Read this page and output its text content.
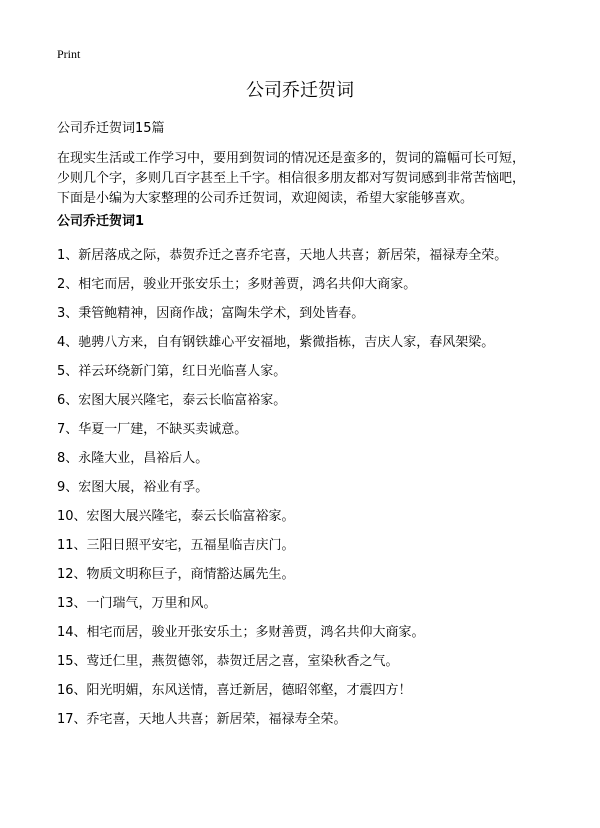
Print
公司乔迁贺词

公司乔迁贺词15篇

在现实生活或工作学习中，要用到贺词的情况还是蛮多的，贺词的篇幅可长可短，
少则几个字，多则几百字甚至上千字。相信很多朋友都对写贺词感到非常苦恼吧，
下面是小编为大家整理的公司乔迁贺词，欢迎阅读，希望大家能够喜欢。

公司乔迁贺词1
1、新居落成之际，恭贺乔迁之喜乔宅喜，天地人共喜；新居荣，福禄寿全荣。
2、相宅而居，骏业开张安乐土；多财善贾，鸿名共仰大商家。
3、秉管鲍精神，因商作战；富陶朱学术，到处皆春。
4、驰骋八方来，自有钢铁雄心平安福地，紫微指栋，吉庆人家，春风架梁。
5、祥云环绕新门第，红日光临喜人家。
6、宏图大展兴隆宅，泰云长临富裕家。
7、华夏一厂建，不缺买卖诚意。
8、永隆大业，昌裕后人。
9、宏图大展，裕业有孚。
10、宏图大展兴隆宅，泰云长临富裕家。
11、三阳日照平安宅，五福星临吉庆门。
12、物质文明称巨子，商情豁达属先生。
13、一门瑞气，万里和风。
14、相宅而居，骏业开张安乐土；多财善贾，鸿名共仰大商家。
15、莺迁仁里，燕贺德邻，恭贺迁居之喜，室染秋香之气。
16、阳光明媚，东风送情，喜迁新居，德昭邻壑，才震四方！
17、乔宅喜，天地人共喜；新居荣，福禄寿全荣。
